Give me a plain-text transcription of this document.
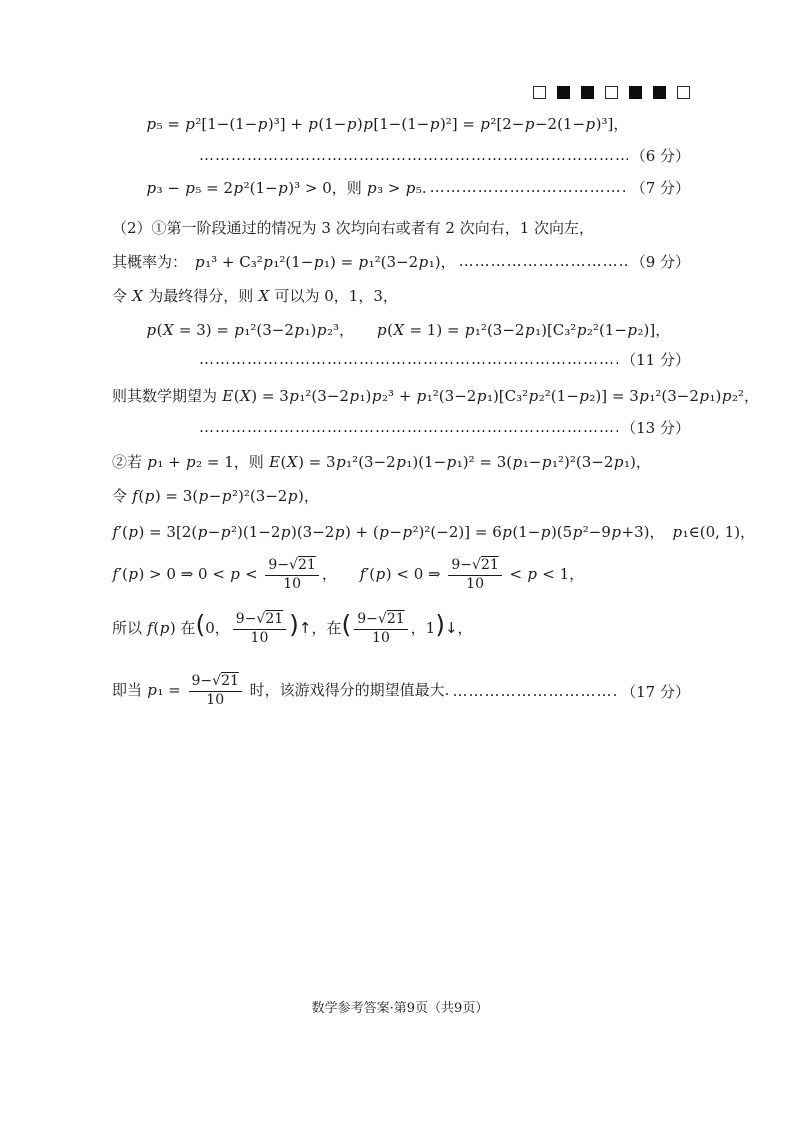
p₅ = p²[1−(1−p)³] + p(1−p)p[1−(1−p)²] = p²[2−p−2(1−p)³]，
……………………………………………………………………………………………………………………………………………………
（6 分）
p₃ − p₅ = 2p²(1−p)³ > 0，则 p₃ > p₅. ……………………………………………………………………………………………………………………………………………………	（7 分）
（2）①第一阶段通过的情况为 3 次均向右或者有 2 次向右，1 次向左，
其概率为：　p₁³ + C₃²p₁²(1−p₁) = p₁²(3−2p₁)， ……………………………………………………………………………………………………………………………………………………	（9 分）
令 X 为最终得分，则 X 可以为 0，1，3，
p(X = 3) = p₁²(3−2p₁)p₂³，　　p(X = 1) = p₁²(3−2p₁)[C₃²p₂²(1−p₂)]，
……………………………………………………………………………………………………………………………………………………
（11 分）
则其数学期望为 E(X) = 3p₁²(3−2p₁)p₂³ + p₁²(3−2p₁)[C₃²p₂²(1−p₂)] = 3p₁²(3−2p₁)p₂²，
……………………………………………………………………………………………………………………………………………………
（13 分）
②若 p₁ + p₂ = 1，则 E(X) = 3p₁²(3−2p₁)(1−p₁)² = 3(p₁−p₁²)²(3−2p₁)，
令 f(p) = 3(p−p²)²(3−2p)，
f′(p) = 3[2(p−p²)(1−2p)(3−2p) + (p−p²)²(−2)] = 6p(1−p)(5p²−9p+3)，　p₁∈(0, 1)，
f′(p) > 0 ⇒ $0 < p < \frac{9-√21}{10}$ ，　　f′(p) < 0 ⇒ $\frac{9-√21}{10} < p < 1$，
所以 f(p) 在(0， $\frac{9-√21}{10}$ )↑，在( $\frac{9-√21}{10}$ ，1)↓，
即当 $p_1 = \frac{9-√21}{10}$ 时，该游戏得分的期望值最大. ……………………………………………………………………………………………………………………………………………………	（17 分）
数学参考答案·第9页（共9页）
